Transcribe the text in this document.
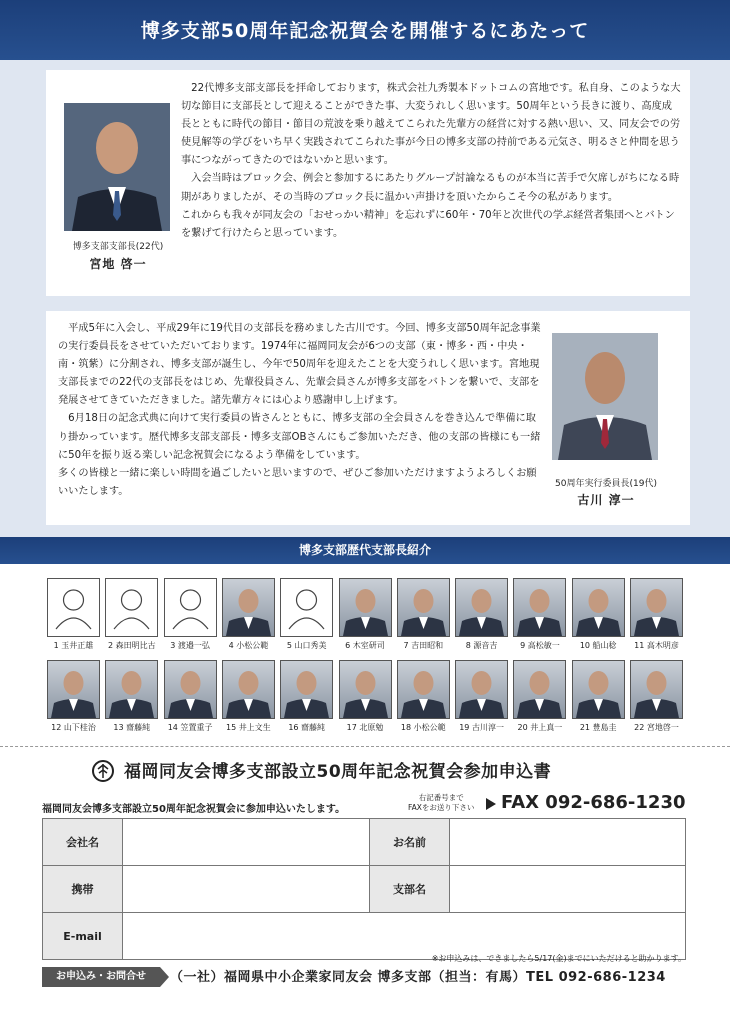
博多支部50周年記念祝賀会を開催するにあたって

　22代博多支部支部長を拝命しております，株式会社九秀製本ドットコムの宮地です。私自身、このような大切な節目に支部長として迎えることができた事、大変うれしく思います。50周年という長きに渡り、高度成長とともに時代の節目・節目の荒波を乗り越えてこられた先輩方の経営に対する熱い思い、又、同友会での労使見解等の学びをいち早く実践されてこられた事が今日の博多支部の持前である元気さ、明るさと仲間を思う事につながってきたのではないかと思います。

　入会当時はブロック会、例会と参加するにあたりグループ討論なるものが本当に苦手で欠席しがちになる時期がありましたが、その当時のブロック長に温かい声掛けを頂いたからこそ今の私があります。

これからも我々が同友会の「おせっかい精神」を忘れずに60年・70年と次世代の学ぶ経営者集団へとバトンを繋げて行けたらと思っています。

博多支部支部長(22代)
宮地 啓一

　平成5年に入会し、平成29年に19代目の支部長を務めました古川です。今回、博多支部50周年記念事業の実行委員長をさせていただいております。1974年に福岡同友会が6つの支部（東・博多・西・中央・南・筑紫）に分割され、博多支部が誕生し、今年で50周年を迎えたことを大変うれしく思います。宮地現支部長までの22代の支部長をはじめ、先輩役員さん、先輩会員さんが博多支部をバトンを繋いで、支部を発展させてきていただきました。諸先輩方々には心より感謝申し上げます。

　6月18日の記念式典に向けて実行委員の皆さんとともに、博多支部の全会員さんを巻き込んで準備に取り掛かっています。歴代博多支部支部長・博多支部OBさんにもご参加いただき、他の支部の皆様にも一緒に50年を振り返る楽しい記念祝賀会になるよう準備をしています。

多くの皆様と一緒に楽しい時間を過ごしたいと思いますので、ぜひご参加いただけますようよろしくお願いいたします。

50周年実行委員長(19代)
古川 淳一
博多支部歴代支部長紹介
1 玉井正雄	2 森田明比古	3 渡邉一弘	4 小松公範	5 山口秀美	6 木室研司	7 吉田昭和	8 源音吉	9 高松敏一	10 船山稔	11 高木明彦
12 山下桂治	13 齋藤純	14 笠置重子	15 井上文生	16 齋藤純	17 北原勉	18 小松公範	19 古川淳一	20 井上真一	21 豊島圭	22 宮地啓一
福岡同友会博多支部設立50周年記念祝賀会参加申込書
福岡同友会博多支部設立50周年記念祝賀会に参加申込いたします。
右記番号まで
FAXをお送り下さい FAX 092-686-1230
会社名		お名前	
携帯		支部名	
E-mail			
※お申込みは、できましたら5/17(金)までにいただけると助かります。
お申込み・お問合せ	（一社）福岡県中小企業家同友会 博多支部（担当：有馬）TEL 092-686-1234
